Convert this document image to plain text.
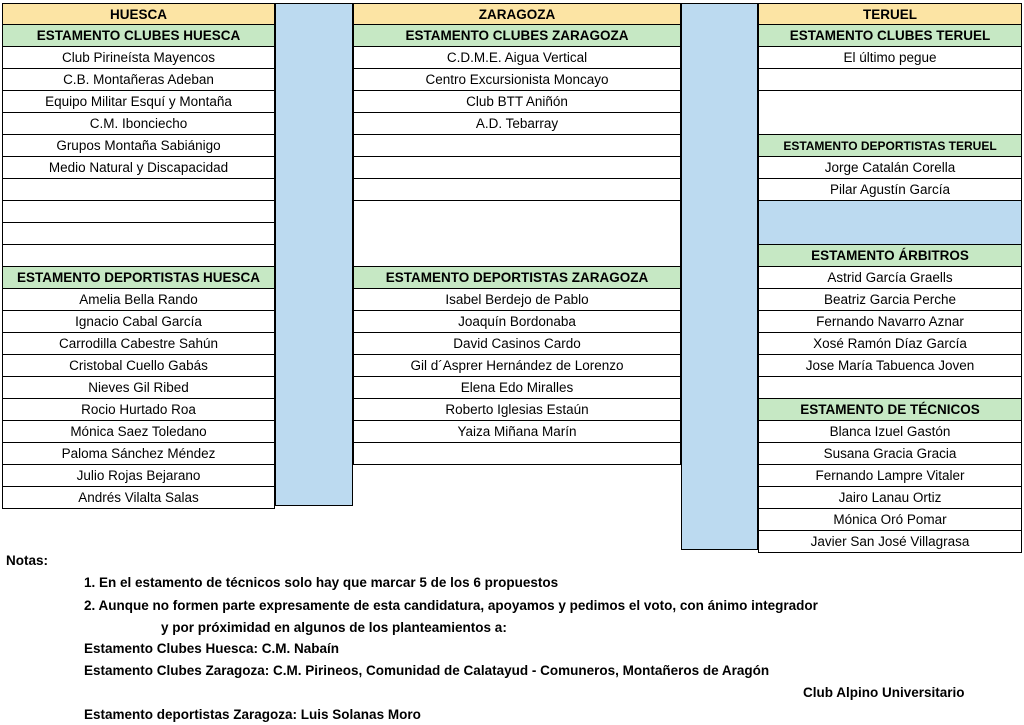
HUESCA
ESTAMENTO CLUBES HUESCA
Club Pirineísta Mayencos
C.B. Montañeras Adeban
Equipo Militar Esquí y Montaña
C.M. Ibonciecho
Grupos Montaña Sabiánigo
Medio Natural y Discapacidad
ESTAMENTO DEPORTISTAS HUESCA
Amelia Bella Rando
Ignacio Cabal García
Carrodilla Cabestre Sahún
Cristobal Cuello Gabás
Nieves Gil Ribed
Rocio Hurtado Roa
Mónica Saez Toledano
Paloma Sánchez Méndez
Julio Rojas Bejarano
Andrés Vilalta Salas
ZARAGOZA
ESTAMENTO CLUBES ZARAGOZA
C.D.M.E. Aigua Vertical
Centro Excursionista Moncayo
Club BTT Aniñón
A.D. Tebarray
ESTAMENTO DEPORTISTAS ZARAGOZA
Isabel Berdejo de Pablo
Joaquín Bordonaba
David Casinos Cardo
Gil d´Asprer Hernández de Lorenzo
Elena Edo Miralles
Roberto Iglesias Estaún
Yaiza Miñana Marín
TERUEL
ESTAMENTO CLUBES TERUEL
El último pegue
ESTAMENTO DEPORTISTAS TERUEL
Jorge Catalán Corella
Pilar Agustín García
ESTAMENTO ÁRBITROS
Astrid García Graells
Beatriz Garcia Perche
Fernando Navarro Aznar
Xosé Ramón Díaz García
Jose María Tabuenca Joven
ESTAMENTO DE TÉCNICOS
Blanca Izuel Gastón
Susana Gracia Gracia
Fernando Lampre Vitaler
Jairo Lanau Ortiz
Mónica Oró Pomar
Javier San José Villagrasa
Notas:
1. En el estamento de técnicos solo hay que marcar 5 de los 6 propuestos
2. Aunque no formen parte expresamente de esta candidatura, apoyamos y pedimos el voto, con ánimo integrador
y por próximidad en algunos de los planteamientos a:
Estamento Clubes Huesca: C.M. Nabaín
Estamento Clubes Zaragoza: C.M. Pirineos, Comunidad de Calatayud - Comuneros, Montañeros de Aragón
Club Alpino Universitario
Estamento deportistas Zaragoza: Luis Solanas Moro
